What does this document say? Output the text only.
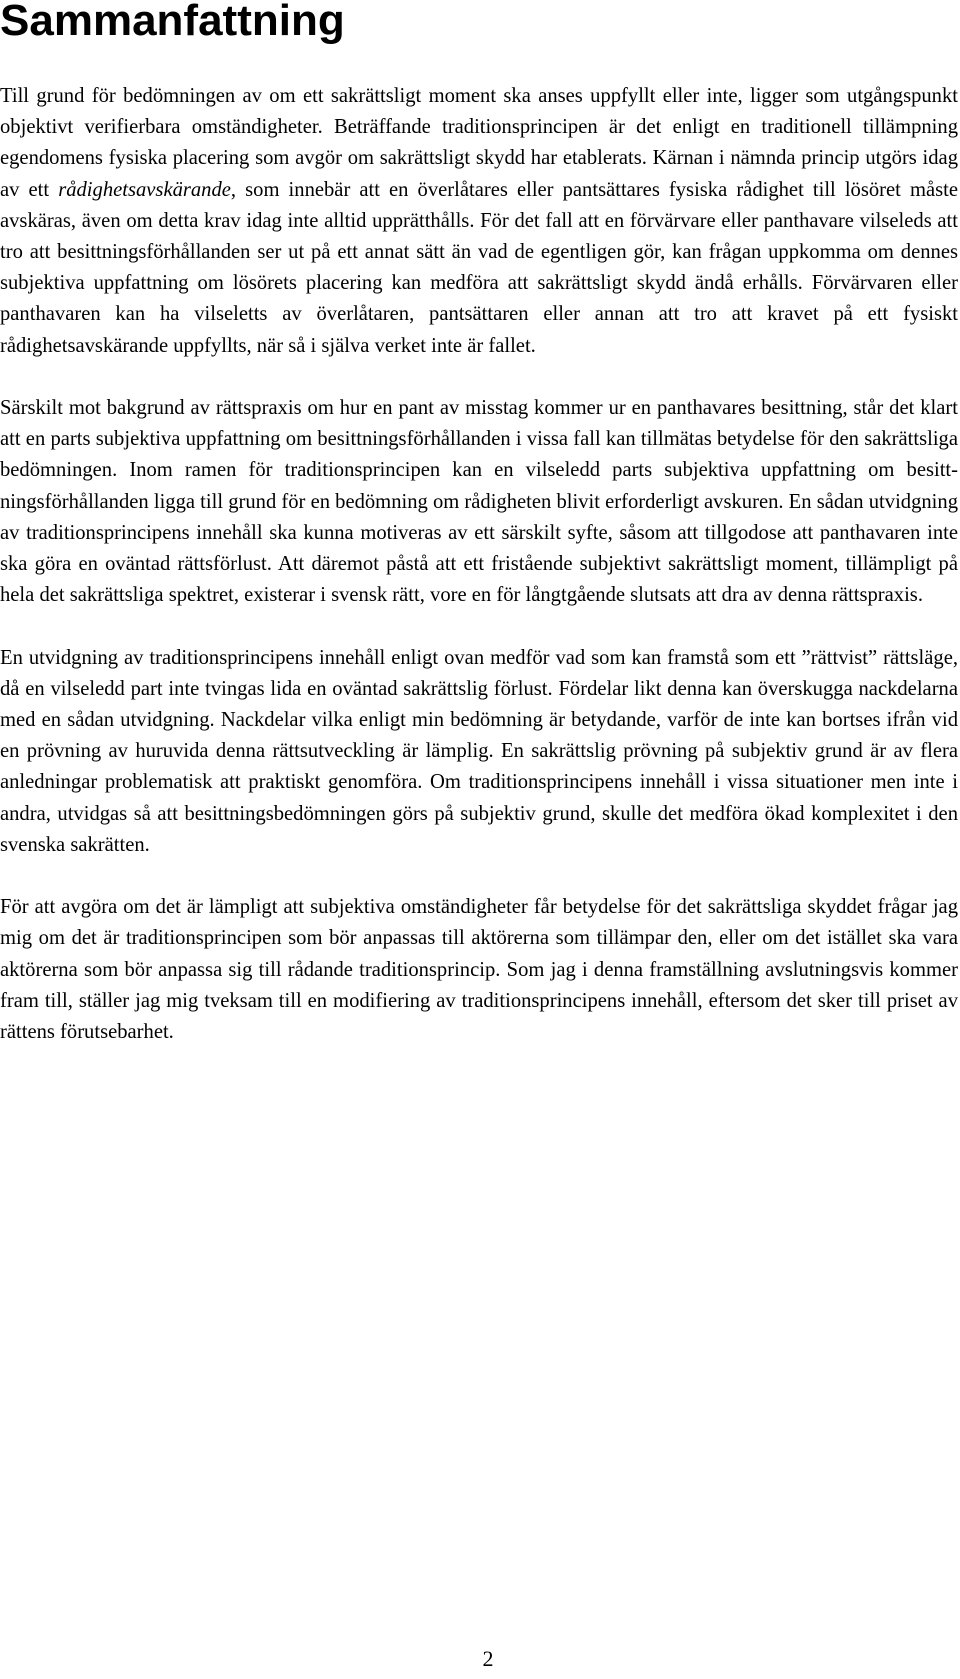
Sammanfattning

Till grund för bedömningen av om ett sakrättsligt moment ska anses uppfyllt eller inte, ligger som utgångspunkt objektivt verifierbara omständigheter. Beträffande traditionsprincipen är det enligt en traditionell tillämpning egendomens fysiska placering som avgör om sakrättsligt skydd har etablerats. Kärnan i nämnda princip utgörs idag av ett rådighetsavskärande, som innebär att en överlåtares eller pantsättares fysiska rådighet till lösöret måste avskäras, även om detta krav idag inte alltid upprätthålls. För det fall att en förvärvare eller panthavare vilseleds att tro att besittningsförhållanden ser ut på ett annat sätt än vad de egentligen gör, kan frågan uppkomma om dennes subjektiva uppfattning om lösörets placering kan medföra att sakrättsligt skydd ändå erhålls. Förvärvaren eller panthavaren kan ha vilseletts av överlåtaren, pantsättaren eller annan att tro att kravet på ett fysiskt rådighetsavskärande uppfyllts, när så i själva verket inte är fallet.

Särskilt mot bakgrund av rättspraxis om hur en pant av misstag kommer ur en panthavares besittning, står det klart att en parts subjektiva uppfattning om besittningsförhållanden i vissa fall kan tillmätas betydelse för den sakrättsliga bedömningen. Inom ramen för traditionsprincipen kan en vilseledd parts subjektiva uppfattning om besittningsförhållanden ligga till grund för en bedömning om rådigheten blivit erforderligt avskuren. En sådan utvidgning av traditionsprincipens innehåll ska kunna motiveras av ett särskilt syfte, såsom att tillgodose att panthavaren inte ska göra en oväntad rättsförlust. Att däremot påstå att ett fristående subjektivt sakrättsligt moment, tillämpligt på hela det sakrättsliga spektret, existerar i svensk rätt, vore en för långtgående slutsats att dra av denna rättspraxis.

En utvidgning av traditionsprincipens innehåll enligt ovan medför vad som kan framstå som ett ”rättvist” rättsläge, då en vilseledd part inte tvingas lida en oväntad sakrättslig förlust. Fördelar likt denna kan överskugga nackdelarna med en sådan utvidgning. Nackdelar vilka enligt min bedömning är betydande, varför de inte kan bortses ifrån vid en prövning av huruvida denna rättsutveckling är lämplig. En sakrättslig prövning på subjektiv grund är av flera anledningar problematisk att praktiskt genomföra. Om traditionsprincipens innehåll i vissa situationer men inte i andra, utvidgas så att besittningsbedömningen görs på subjektiv grund, skulle det medföra ökad komplexitet i den svenska sakrätten.

För att avgöra om det är lämpligt att subjektiva omständigheter får betydelse för det sakrättsliga skyddet frågar jag mig om det är traditionsprincipen som bör anpassas till aktörerna som tillämpar den, eller om det istället ska vara aktörerna som bör anpassa sig till rådande traditionsprincip. Som jag i denna framställning avslutningsvis kommer fram till, ställer jag mig tveksam till en modifiering av traditionsprincipens innehåll, eftersom det sker till priset av rättens förutsebarhet.

2
